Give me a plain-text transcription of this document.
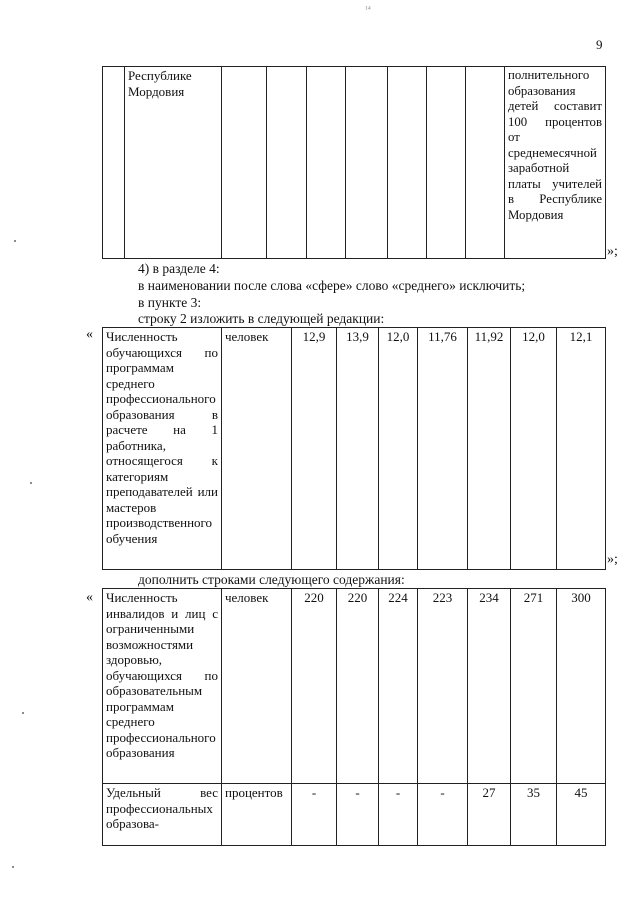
¹⁴
9
	Республике Мордовия								полнительного образования детей составит 100 процентов от среднемесячной заработной платы учителей в Республике Мордовия
»;
4) в разделе 4:
в наименовании после слова «сфере» слово «среднего» исключить;
в пункте 3:
строку 2 изложить в следующей редакции:
« Численность обучающихся по программам среднего профессионального образования в расчете на 1 работника, относящегося к категориям преподавателей или мастеров производственного обучения	человек	12,9	13,9	12,0	11,76	11,92	12,0	12,1
»;
дополнить строками следующего содержания:
« Численность инвалидов и лиц с ограниченными возможностями здоровью, обучающихся по образовательным программам среднего профессионального образования	человек	220	220	224	223	234	271	300
Удельный вес профессиональных образова-	процентов	-	-	-	-	27	35	45
